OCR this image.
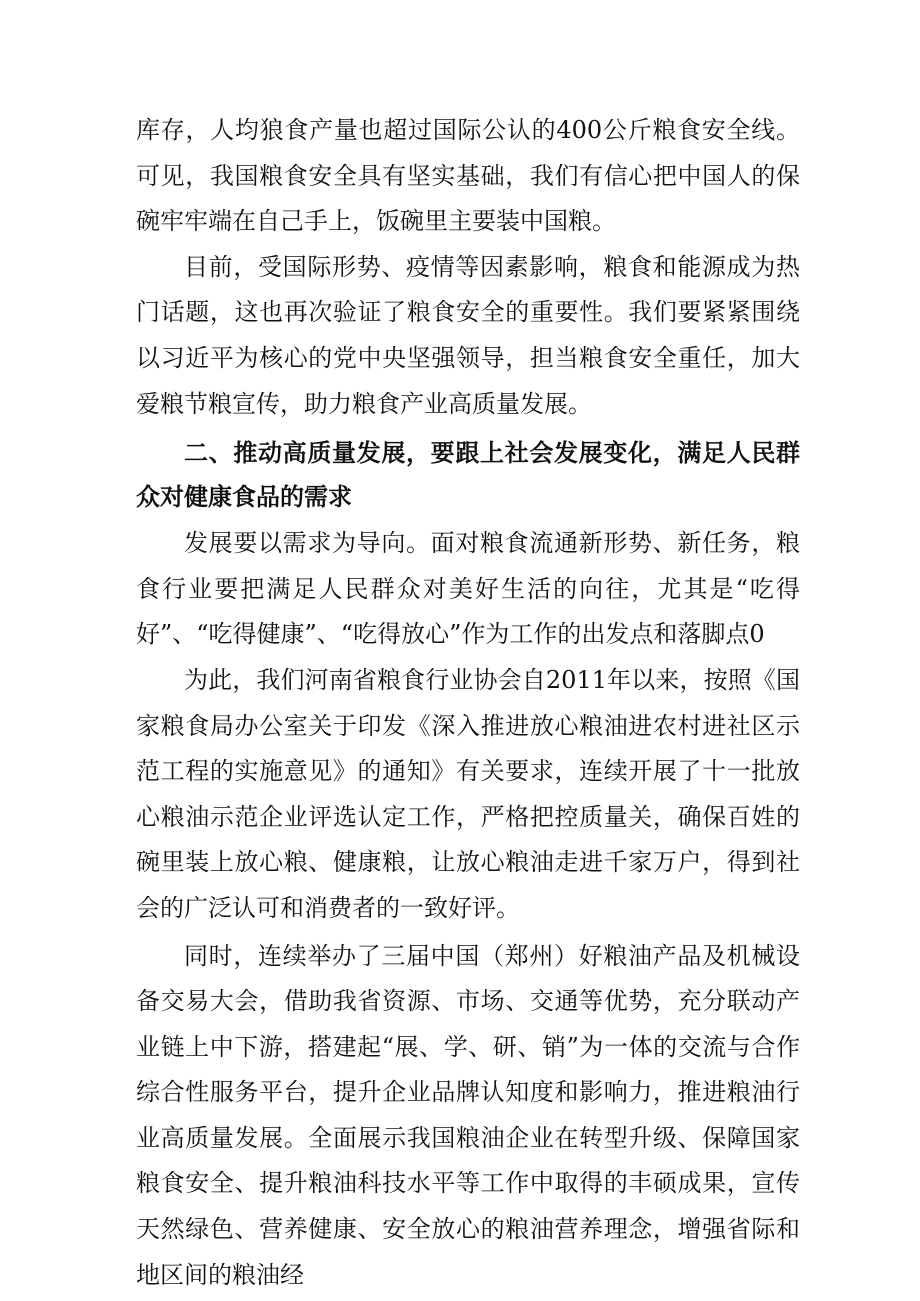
库存，人均狼食产量也超过国际公认的400公斤粮食安全线。可见，我国粮食安全具有坚实基础，我们有信心把中国人的保碗牢牢端在自己手上，饭碗里主要装中国粮。

目前，受国际形势、疫情等因素影响，粮食和能源成为热门话题，这也再次验证了粮食安全的重要性。我们要紧紧围绕以习近平为核心的党中央坚强领导，担当粮食安全重任，加大爱粮节粮宣传，助力粮食产业高质量发展。

二、推动高质量发展，要跟上社会发展变化，满足人民群众对健康食品的需求

发展要以需求为导向。面对粮食流通新形势、新任务，粮食行业要把满足人民群众对美好生活的向往，尤其是“吃得好”、“吃得健康”、“吃得放心”作为工作的出发点和落脚点0

为此，我们河南省粮食行业协会自2011年以来，按照《国家粮食局办公室关于印发《深入推进放心粮油进农村进社区示范工程的实施意见》的通知》有关要求，连续开展了十一批放心粮油示范企业评选认定工作，严格把控质量关，确保百姓的碗里装上放心粮、健康粮，让放心粮油走进千家万户，得到社会的广泛认可和消费者的一致好评。

同时，连续举办了三届中国（郑州）好粮油产品及机械设备交易大会，借助我省资源、市场、交通等优势，充分联动产业链上中下游，搭建起“展、学、研、销”为一体的交流与合作综合性服务平台，提升企业品牌认知度和影响力，推进粮油行业高质量发展。全面展示我国粮油企业在转型升级、保障国家粮食安全、提升粮油科技水平等工作中取得的丰硕成果，宣传天然绿色、营养健康、安全放心的粮油营养理念，增强省际和地区间的粮油经
